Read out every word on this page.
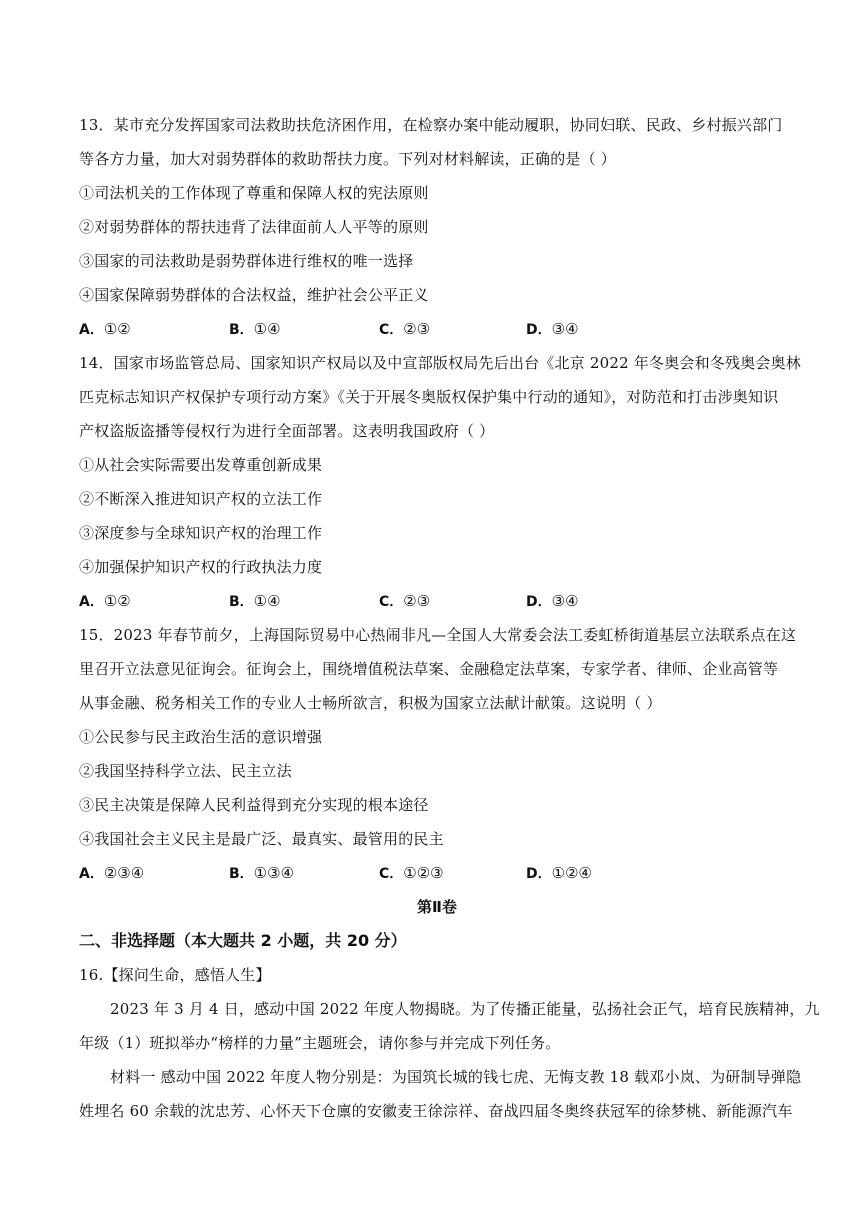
13．某市充分发挥国家司法救助扶危济困作用，在检察办案中能动履职，协同妇联、民政、乡村振兴部门
等各方力量，加大对弱势群体的救助帮扶力度。下列对材料解读，正确的是（ ）
①司法机关的工作体现了尊重和保障人权的宪法原则
②对弱势群体的帮扶违背了法律面前人人平等的原则
③国家的司法救助是弱势群体进行维权的唯一选择
④国家保障弱势群体的合法权益，维护社会公平正义
A．①②	B．①④	C．②③	D．③④
14．国家市场监管总局、国家知识产权局以及中宣部版权局先后出台《北京 2022 年冬奥会和冬残奥会奥林
匹克标志知识产权保护专项行动方案》《关于开展冬奥版权保护集中行动的通知》，对防范和打击涉奥知识
产权盗版盗播等侵权行为进行全面部署。这表明我国政府（ ）
①从社会实际需要出发尊重创新成果
②不断深入推进知识产权的立法工作
③深度参与全球知识产权的治理工作
④加强保护知识产权的行政执法力度
A．①②	B．①④	C．②③	D．③④
15．2023 年春节前夕，上海国际贸易中心热闹非凡—全国人大常委会法工委虹桥街道基层立法联系点在这
里召开立法意见征询会。征询会上，围绕增值税法草案、金融稳定法草案，专家学者、律师、企业高管等
从事金融、税务相关工作的专业人士畅所欲言，积极为国家立法献计献策。这说明（ ）
①公民参与民主政治生活的意识增强
②我国坚持科学立法、民主立法
③民主决策是保障人民利益得到充分实现的根本途径
④我国社会主义民主是最广泛、最真实、最管用的民主
A．②③④	B．①③④	C．①②③	D．①②④
第Ⅱ卷
二、非选择题（本大题共 2 小题，共 20 分）
16.【探问生命，感悟人生】
2023 年 3 月 4 日，感动中国 2022 年度人物揭晓。为了传播正能量，弘扬社会正气，培育民族精神，九
年级（1）班拟举办“榜样的力量”主题班会，请你参与并完成下列任务。
材料一 感动中国 2022 年度人物分别是：为国筑长城的钱七虎、无悔支教 18 载邓小岚、为研制导弹隐
姓埋名 60 余载的沈忠芳、心怀天下仓廪的安徽麦王徐淙祥、奋战四届冬奥终获冠军的徐梦桃、新能源汽车
